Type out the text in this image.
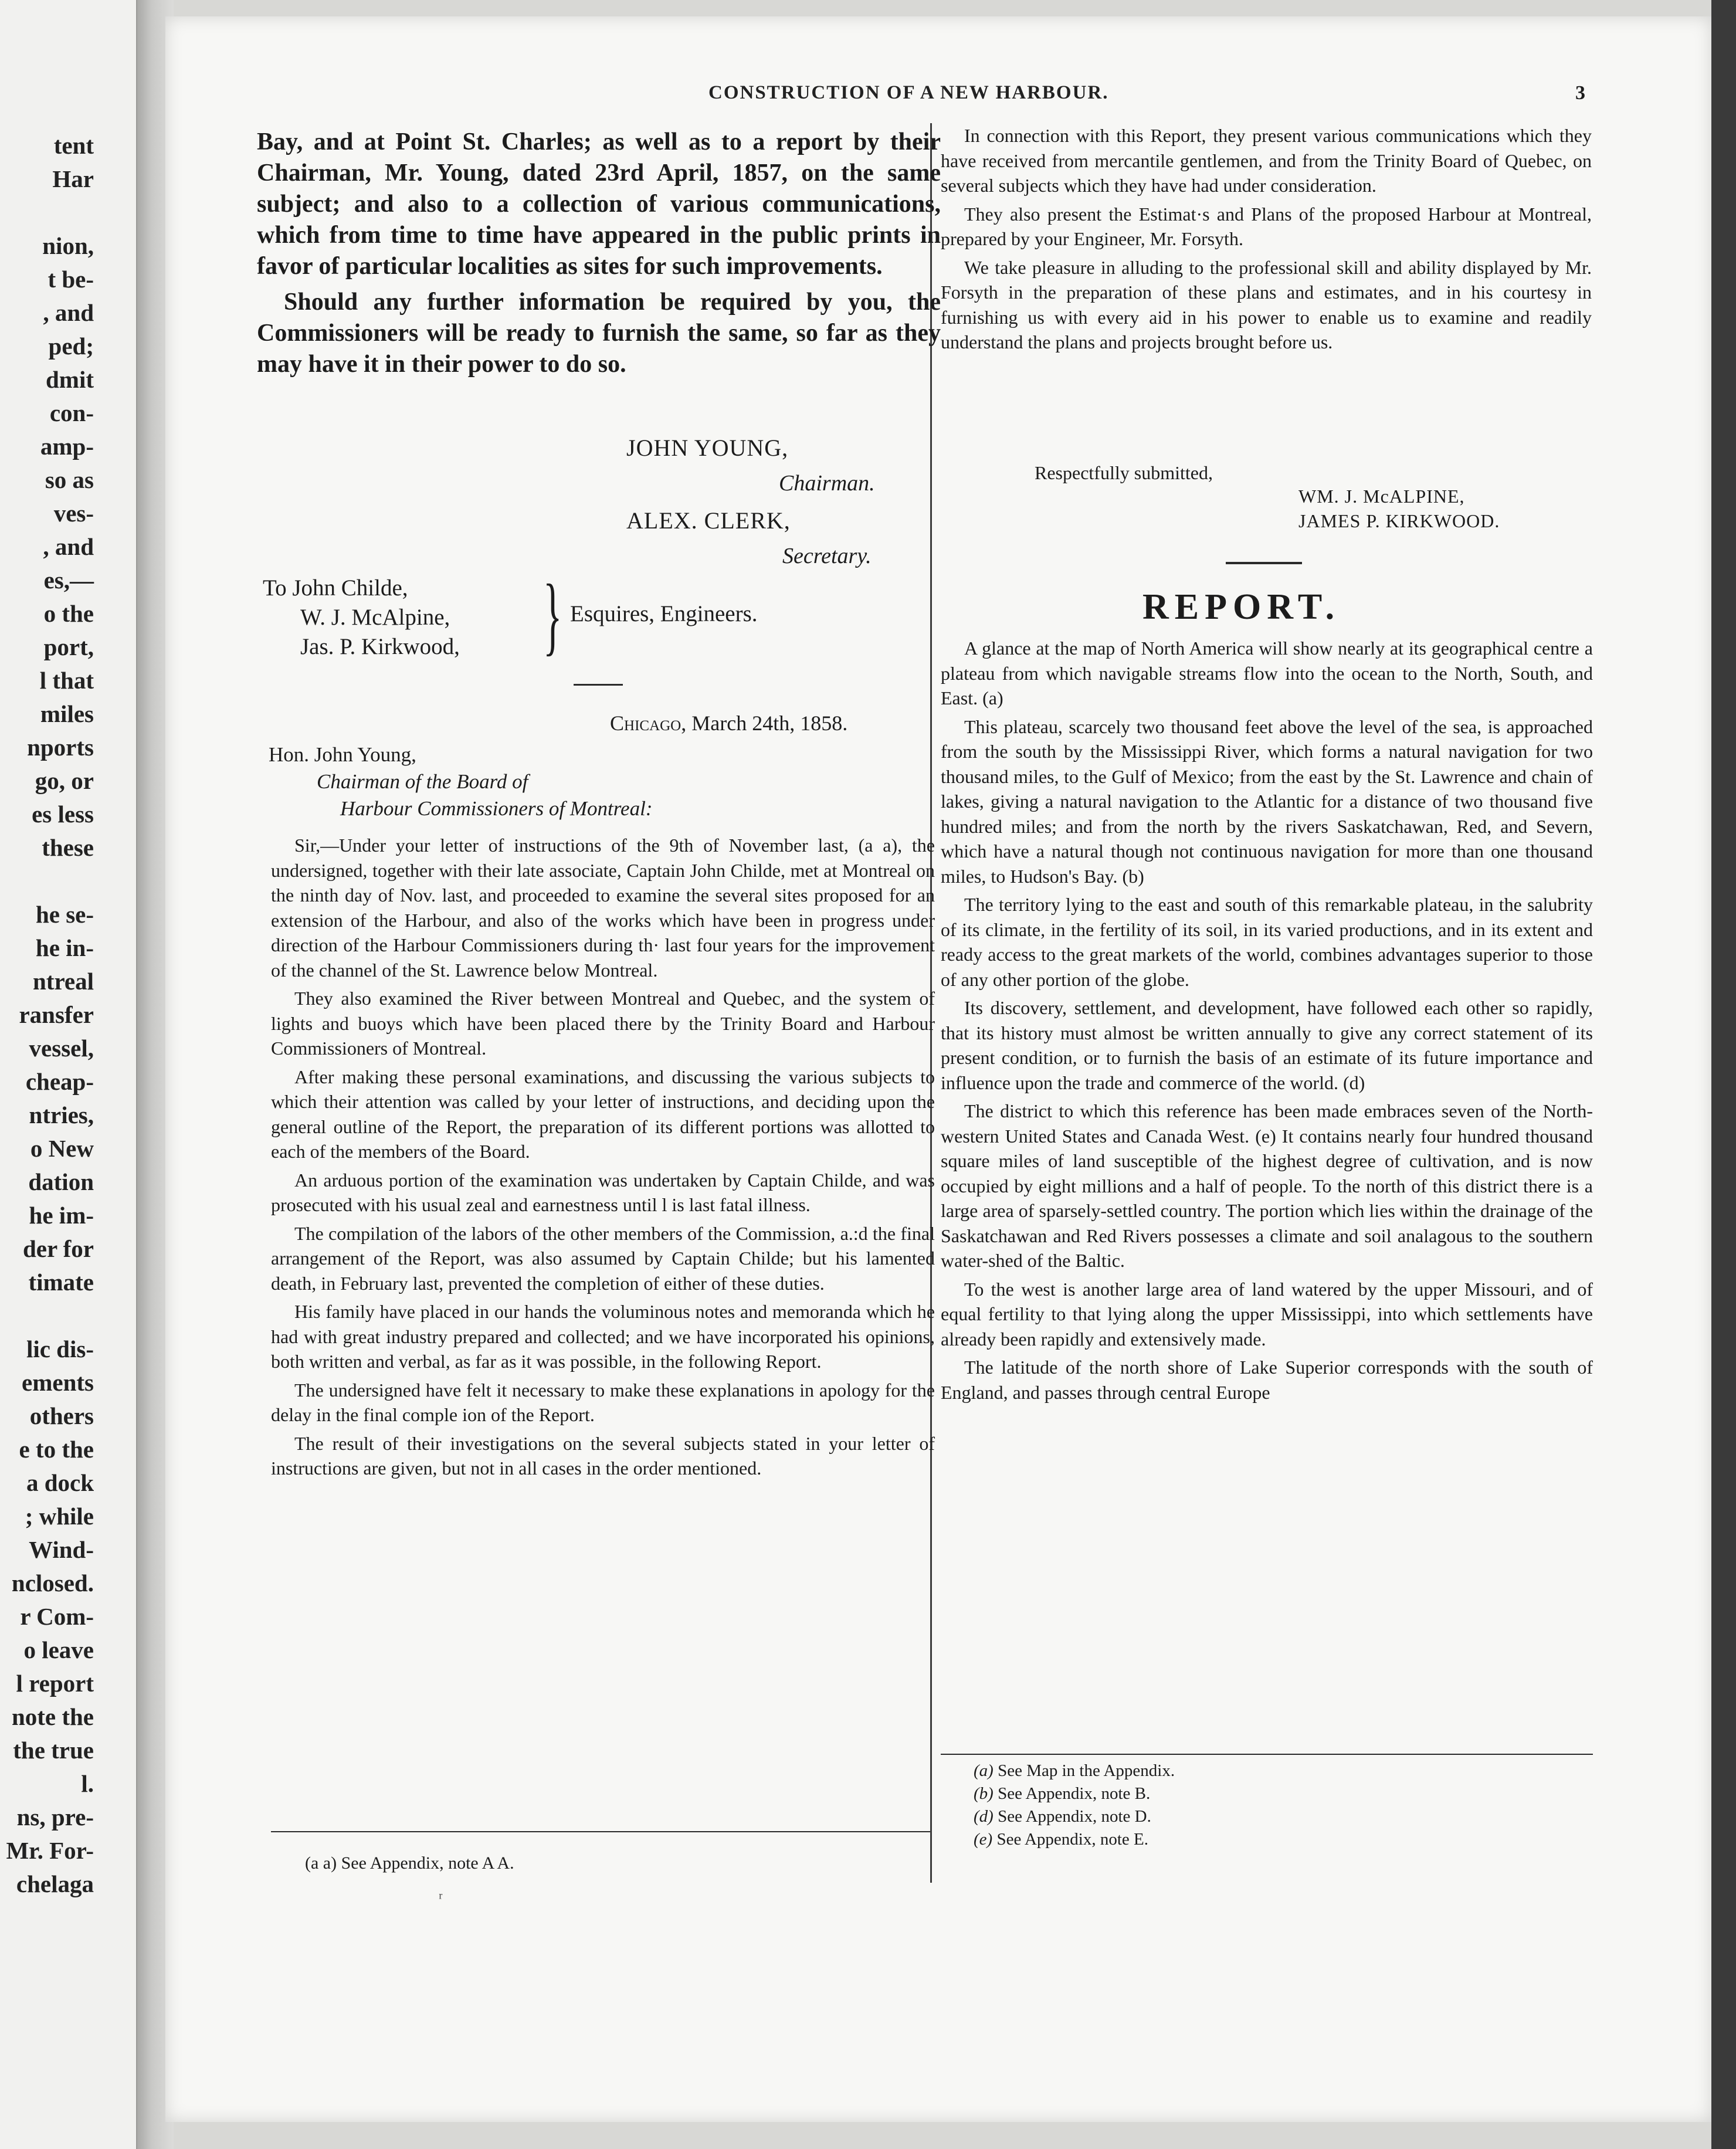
tent
Har
nion,
t be-
, and
ped;
dmit
con-
amp-
so as
ves-
, and
es,—
o the
port,
l that
miles
nports
go, or
es less
these
he se-
he in-
ntreal
ransfer
vessel,
cheap-
ntries,
o New
dation
he im-
der for
timate
lic dis-
ements
others
e to the
a dock
; while
Wind-
nclosed.
r Com-
o leave
l report
note the
the true
l.
ns, pre-
Mr. For-
chelaga
CONSTRUCTION OF A NEW HARBOUR.	3

Bay, and at Point St. Charles; as well as to a report by their Chairman, Mr. Young, dated 23rd April, 1857, on the same subject; and also to a collection of various communications, which from time to time have appeared in the public prints in favor of particular localities as sites for such improvements.

Should any further information be required by you, the Commissioners will be ready to furnish the same, so far as they may have it in their power to do so.

JOHN YOUNG,
Chairman.
ALEX. CLERK,
Secretary.
To John Childe,
W. J. McAlpine,
Jas. P. Kirkwood, } Esquires, Engineers.
Chicago, March 24th, 1858.
Hon. John Young,
Chairman of the Board of
Harbour Commissioners of Montreal:

Sir,—Under your letter of instructions of the 9th of November last, (a a), the undersigned, together with their late associate, Captain John Childe, met at Montreal on the ninth day of Nov. last, and proceeded to examine the several sites proposed for an extension of the Harbour, and also of the works which have been in progress under direction of the Harbour Commissioners during th· last four years for the improvement of the channel of the St. Lawrence below Montreal.

They also examined the River between Montreal and Quebec, and the system of lights and buoys which have been placed there by the Trinity Board and Harbour Commissioners of Montreal.

After making these personal examinations, and discussing the various subjects to which their attention was called by your letter of instructions, and deciding upon the general outline of the Report, the preparation of its different portions was allotted to each of the members of the Board.

An arduous portion of the examination was undertaken by Captain Childe, and was prosecuted with his usual zeal and earnestness until l is last fatal illness.

The compilation of the labors of the other members of the Commission, a.:d the final arrangement of the Report, was also assumed by Captain Childe; but his lamented death, in February last, prevented the completion of either of these duties.

His family have placed in our hands the voluminous notes and memoranda which he had with great industry prepared and collected; and we have incorporated his opinions, both written and verbal, as far as it was possible, in the following Report.

The undersigned have felt it necessary to make these explanations in apology for the delay in the final comple ion of the Report.

The result of their investigations on the several subjects stated in your letter of instructions are given, but not in all cases in the order mentioned.

(a a) See Appendix, note A A.
ʳ

In connection with this Report, they present various communications which they have received from mercantile gentlemen, and from the Trinity Board of Quebec, on several subjects which they have had under consideration.

They also present the Estimat·s and Plans of the proposed Harbour at Montreal, prepared by your Engineer, Mr. Forsyth.

We take pleasure in alluding to the professional skill and ability displayed by Mr. Forsyth in the preparation of these plans and estimates, and in his courtesy in furnishing us with every aid in his power to enable us to examine and readily understand the plans and projects brought before us.

Respectfully submitted,
WM. J. McALPINE,
JAMES P. KIRKWOOD.
REPORT.

A glance at the map of North America will show nearly at its geographical centre a plateau from which navigable streams flow into the ocean to the North, South, and East. (a)

This plateau, scarcely two thousand feet above the level of the sea, is approached from the south by the Mississippi River, which forms a natural navigation for two thousand miles, to the Gulf of Mexico; from the east by the St. Lawrence and chain of lakes, giving a natural navigation to the Atlantic for a distance of two thousand five hundred miles; and from the north by the rivers Saskatchawan, Red, and Severn, which have a natural though not continuous navigation for more than one thousand miles, to Hudson's Bay. (b)

The territory lying to the east and south of this remarkable plateau, in the salubrity of its climate, in the fertility of its soil, in its varied productions, and in its extent and ready access to the great markets of the world, combines advantages superior to those of any other portion of the globe.

Its discovery, settlement, and development, have followed each other so rapidly, that its history must almost be written annually to give any correct statement of its present condition, or to furnish the basis of an estimate of its future importance and influence upon the trade and commerce of the world. (d)

The district to which this reference has been made embraces seven of the North-western United States and Canada West. (e) It contains nearly four hundred thousand square miles of land susceptible of the highest degree of cultivation, and is now occupied by eight millions and a half of people. To the north of this district there is a large area of sparsely-settled country. The portion which lies within the drainage of the Saskatchawan and Red Rivers possesses a climate and soil analagous to the southern water-shed of the Baltic.

To the west is another large area of land watered by the upper Missouri, and of equal fertility to that lying along the upper Mississippi, into which settlements have already been rapidly and extensively made.

The latitude of the north shore of Lake Superior corresponds with the south of England, and passes through central Europe

(a) See Map in the Appendix.
(b) See Appendix, note B.
(d) See Appendix, note D.
(e) See Appendix, note E.
